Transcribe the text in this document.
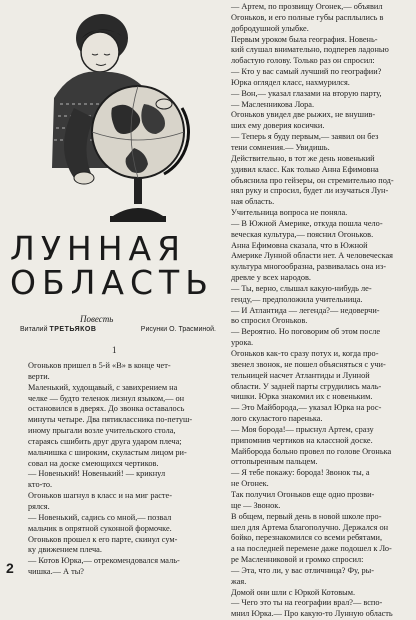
ЛУННАЯ
ОБЛАСТЬ
Повесть
Виталий ТРЕТЬЯКОВ	Рисунки О. Трасминой.
1

Огоньков пришел в 5-й «В» в конце чет-

верти.

Маленький, худощавый, с завихрением на

челке — будто теленок лизнул языком,— он

остановился в дверях. До звонка оставалось

минуты четыре. Два пятиклассника по-петуш-

иному прыгали возле учительского стола,

стараясь сшибить друг друга ударом плеча;

мальчишка с широким, скуластым лицом ри-

совал на доске смеющихся чертиков.

— Новенький! Новенький! — крикнул

кто-то.

Огоньков шагнул в класс и на миг расте-

рялся.

— Новенький, садись со мной,— позвал

мальчик в опрятной суконной формочке.

Огоньков прошел к его парте, скинул сум-

ку движением плеча.

— Котов Юрка,— отрекомендовался маль-

чишка.— А ты?

— Артем, по прозвищу Огонек,— объявил

Огоньков, и его полные губы расплылись в

добродушной улыбке.

Первым уроком была география. Новень-

кий слушал внимательно, подперев ладонью

лобастую голову. Только раз он спросил:

— Кто у вас самый лучший по географии?

Юрка оглядел класс, нахмурился.

— Вон,— указал глазами на вторую парту,

— Масленникова Лора.

Огоньков увидел две рыжих, не внушив-

ших ему доверия косички.

— Теперь я буду первым,— заявил он без

тени сомнения.— Увидишь.

Действительно, в тот же день новенький

удивил класс. Как только Анна Ефимовна

объяснила про гейзеры, он стремительно под-

нял руку и спросил, будет ли изучаться Лун-

ная область.

Учительница вопроса не поняла.

— В Южной Америке, откуда пошла чело-

веческая культура,— пояснил Огоньков.

Анна Ефимовна сказала, что в Южной

Америке Лунной области нет. А человеческая

культура многообразна, развивалась она из-

древле у всех народов.

— Ты, верно, слышал какую-нибудь ле-

генду,— предположила учительница.

— И Атлантида — легенда?— недоверчи-

во спросил Огоньков.

— Вероятно. Но поговорим об этом после

урока.

Огоньков как-то сразу потух и, когда про-

звенел звонок, не пошел объясняться с учи-

тельницей насчет Атлантиды и Лунной

области. У задней парты сгрудились маль-

чишки. Юрка знакомил их с новеньким.

— Это Майборода,— указал Юрка на рос-

лого скуластого паренька.

— Моя борода!— прыснул Артем, сразу

припомнив чертиков на классной доске.

Майборода больно провел по голове Огонька

оттопыренным пальцем.

— Я тебе покажу: борода! Звонок ты, а

не Огонек.

Так получил Огоньков еще одно прозви-

ще — Звонок.

В общем, первый день в новой школе про-

шел для Артема благополучно. Держался он

бойко, перезнакомился со всеми ребятами,

а на последней перемене даже подошел к Ло-

ре Масленниковой и громко спросил:

— Эта, что ли, у вас отличница? Фу, ры-

жая.

Домой они шли с Юркой Котовым.

— Чего это ты на географии врал?— вспо-

мнил Юрка.— Про какую-то Лунную область

2
